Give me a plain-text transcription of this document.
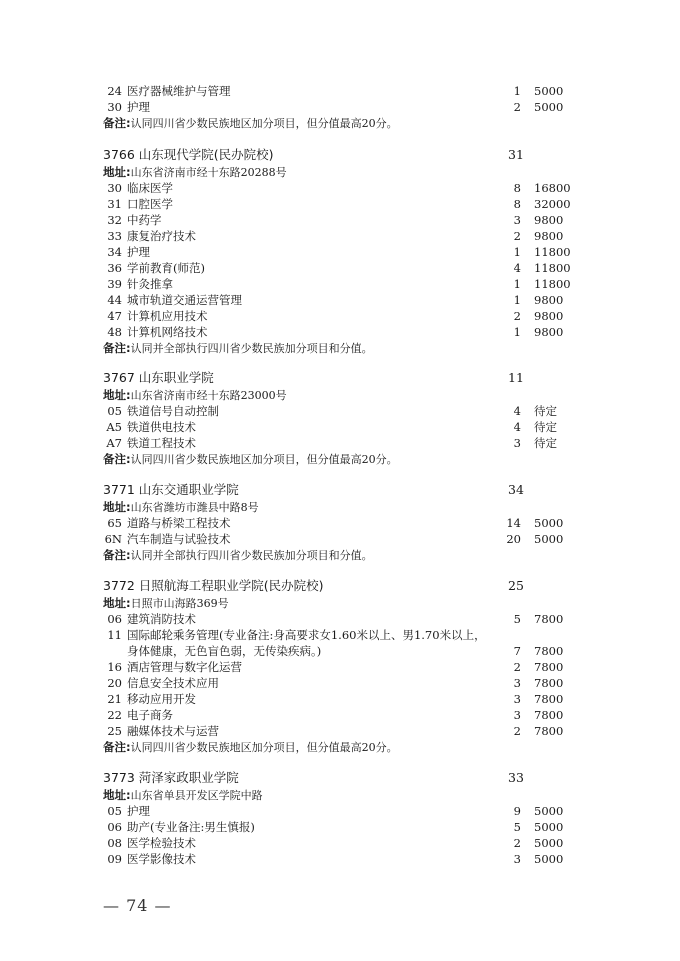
24 医疗器械维护与管理	1 5000
30 护理	2 5000
备注:认同四川省少数民族地区加分项目，但分值最高20分。
3766 山东现代学院(民办院校)	31
地址:山东省济南市经十东路20288号
30 临床医学	8 16800
31 口腔医学	8 32000
32 中药学	3 9800
33 康复治疗技术	2 9800
34 护理	1 11800
36 学前教育(师范)	4 11800
39 针灸推拿	1 11800
44 城市轨道交通运营管理	1 9800
47 计算机应用技术	2 9800
48 计算机网络技术	1 9800
备注:认同并全部执行四川省少数民族加分项目和分值。
3767 山东职业学院	11
地址:山东省济南市经十东路23000号
05 铁道信号自动控制	4 待定
A5 铁道供电技术	4 待定
A7 铁道工程技术	3 待定
备注:认同四川省少数民族地区加分项目，但分值最高20分。
3771 山东交通职业学院	34
地址:山东省潍坊市潍县中路8号
65 道路与桥梁工程技术	14 5000
6N 汽车制造与试验技术	20 5000
备注:认同并全部执行四川省少数民族加分项目和分值。
3772 日照航海工程职业学院(民办院校)	25
地址:日照市山海路369号
06 建筑消防技术	5 7800
11 国际邮轮乘务管理(专业备注:身高要求女1.60米以上、男1.70米以上，身体健康，无色盲色弱，无传染疾病。)	7 7800
16 酒店管理与数字化运营	2 7800
20 信息安全技术应用	3 7800
21 移动应用开发	3 7800
22 电子商务	3 7800
25 融媒体技术与运营	2 7800
备注:认同四川省少数民族地区加分项目，但分值最高20分。
3773 菏泽家政职业学院	33
地址:山东省单县开发区学院中路
05 护理	9 5000
06 助产(专业备注:男生慎报)	5 5000
08 医学检验技术	2 5000
09 医学影像技术	3 5000
— 74 —
